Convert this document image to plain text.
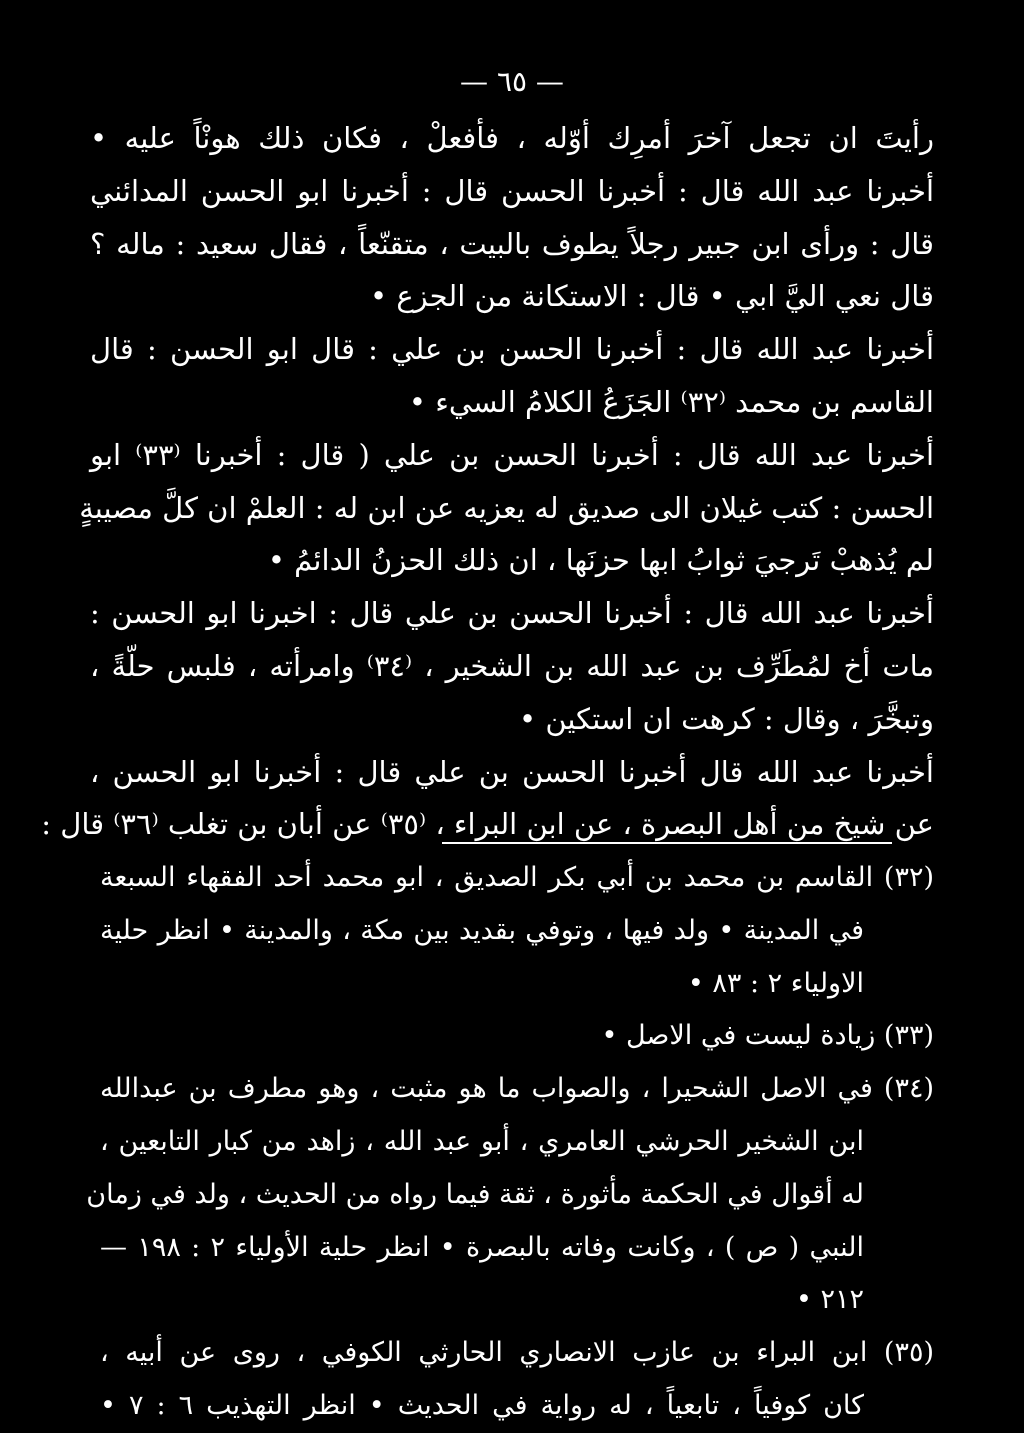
— ٦٥ —
رأيتَ ان تجعل آخرَ أمرِك أوّله ، فأفعلْ ، فكان ذلك هونْاً عليه •
أخبرنا عبد الله قال : أخبرنا الحسن قال : أخبرنا ابو الحسن المدائني
قال : ورأى ابن جبير رجلاً يطوف بالبيت ، متقنّعاً ، فقال سعيد : ماله ؟
قال نعي اليَّ ابي • قال : الاستكانة من الجزع •
أخبرنا عبد الله قال : أخبرنا الحسن بن علي : قال ابو الحسن : قال
القاسم بن محمد ⁽٣٢⁾ الجَزَعُ الكلامُ السيء •
أخبرنا عبد الله قال : أخبرنا الحسن بن علي ( قال : أخبرنا ⁽٣٣⁾ ابو
الحسن : كتب غيلان الى صديق له يعزيه عن ابن له : العلمْ ان كلَّ مصيبةٍ
لم يُذهبْ تَرجيَ ثوابُ ابها حزنَها ، ان ذلك الحزنُ الدائمُ •
أخبرنا عبد الله قال : أخبرنا الحسن بن علي قال : اخبرنا ابو الحسن :
مات أخ لمُطَرِّف بن عبد الله بن الشخير ، ⁽٣٤⁾ وامرأته ، فلبس حلّةً ،
وتبخَّرَ ، وقال : كرهت ان استكين •
أخبرنا عبد الله قال أخبرنا الحسن بن علي قال : أخبرنا ابو الحسن ،
عن شيخ من أهل البصرة ، عن ابن البراء ، ⁽٣٥⁾ عن أبان بن تغلب ⁽٣٦⁾ قال :
(٣٢) القاسم بن محمد بن أبي بكر الصديق ، ابو محمد أحد الفقهاء السبعة
في المدينة • ولد فيها ، وتوفي بقديد بين مكة ، والمدينة • انظر حلية
الاولياء ٢ : ٨٣ •
(٣٣) زيادة ليست في الاصل •
(٣٤) في الاصل الشحيرا ، والصواب ما هو مثبت ، وهو مطرف بن عبدالله
ابن الشخير الحرشي العامري ، أبو عبد الله ، زاهد من كبار التابعين ،
له أقوال في الحكمة مأثورة ، ثقة فيما رواه من الحديث ، ولد في زمان
النبي ( ص ) ، وكانت وفاته بالبصرة • انظر حلية الأولياء ٢ : ١٩٨ —
٢١٢ •
(٣٥) ابن البراء بن عازب الانصاري الحارثي الكوفي ، روى عن أبيه ،
كان كوفياً ، تابعياً ، له رواية في الحديث • انظر التهذيب ٦ : ٧ •
